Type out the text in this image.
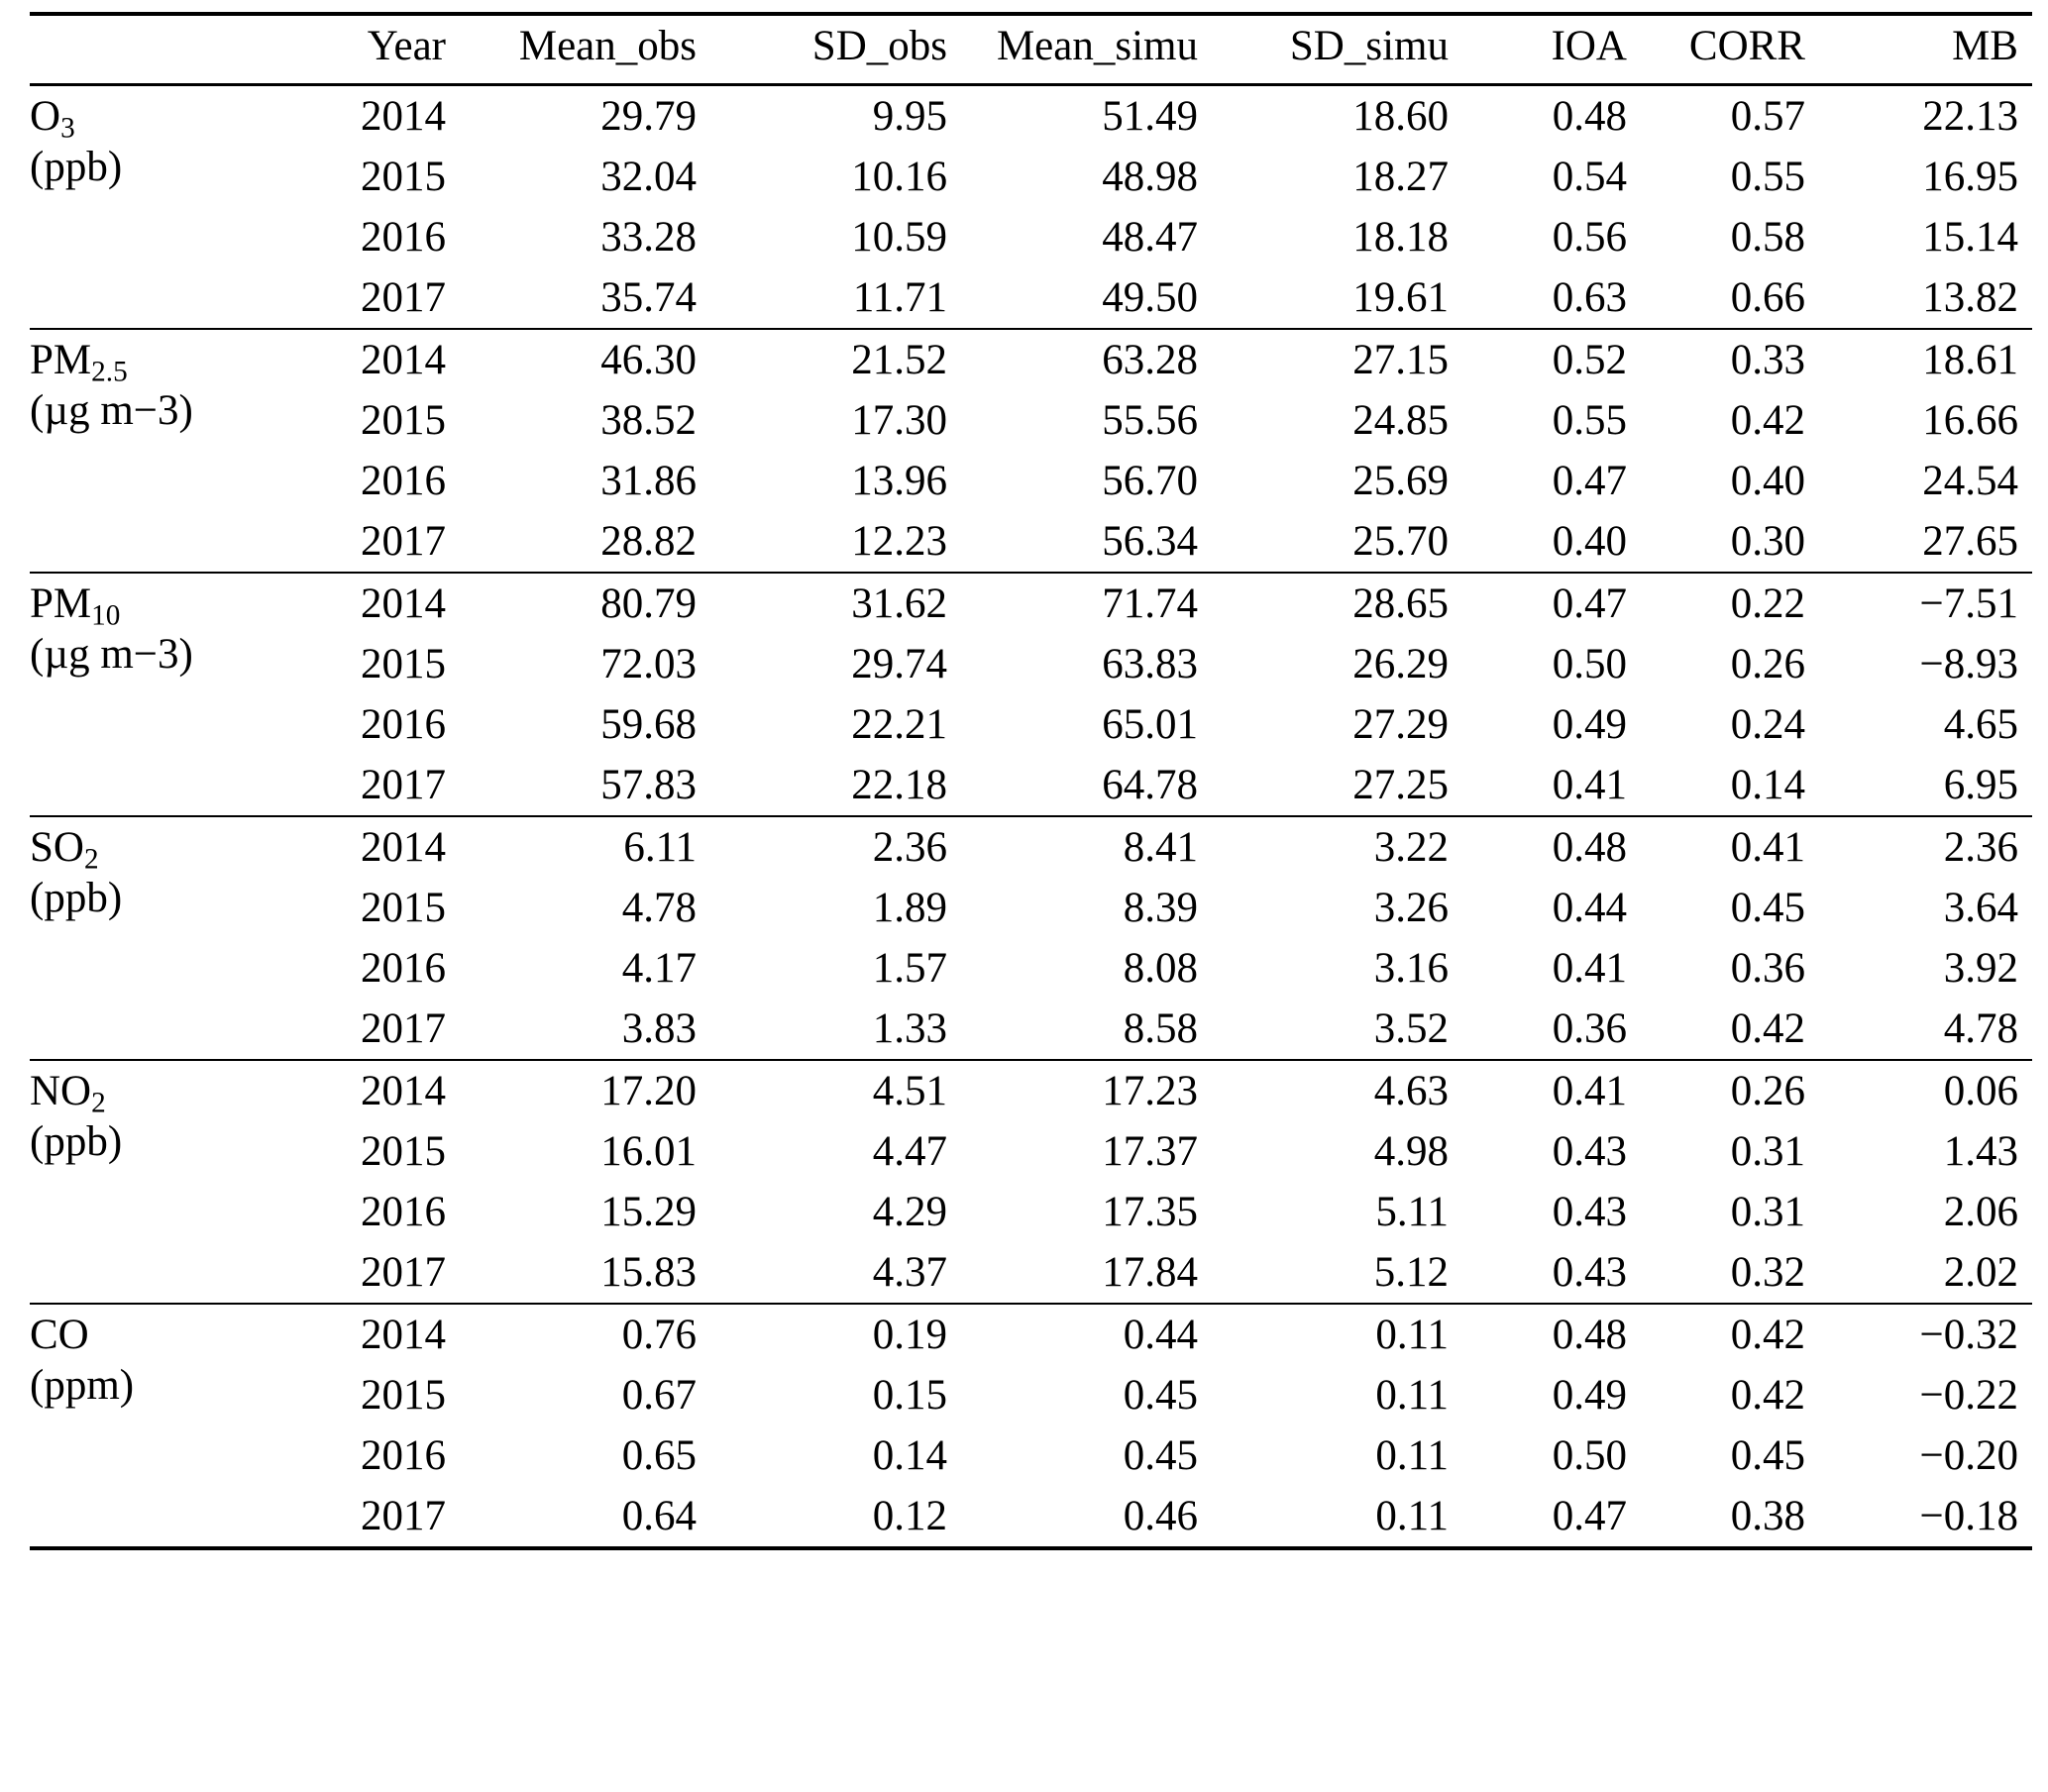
	Year	Mean_obs	SD_obs	Mean_simu	SD_simu	IOA	CORR	MB

$O_3$
(ppb)	2014	29.79	9.95	51.49	18.60	0.48	0.57	22.13
	2015	32.04	10.16	48.98	18.27	0.54	0.55	16.95
	2016	33.28	10.59	48.47	18.18	0.56	0.58	15.14
	2017	35.74	11.71	49.50	19.61	0.63	0.66	13.82

$PM_{2.5}$
(µg m−3)	2014	46.30	21.52	63.28	27.15	0.52	0.33	18.61
	2015	38.52	17.30	55.56	24.85	0.55	0.42	16.66
	2016	31.86	13.96	56.70	25.69	0.47	0.40	24.54
	2017	28.82	12.23	56.34	25.70	0.40	0.30	27.65

$PM_{10}$
(µg m−3)	2014	80.79	31.62	71.74	28.65	0.47	0.22	−7.51
	2015	72.03	29.74	63.83	26.29	0.50	0.26	−8.93
	2016	59.68	22.21	65.01	27.29	0.49	0.24	4.65
	2017	57.83	22.18	64.78	27.25	0.41	0.14	6.95

$SO_2$
(ppb)	2014	6.11	2.36	8.41	3.22	0.48	0.41	2.36
	2015	4.78	1.89	8.39	3.26	0.44	0.45	3.64
	2016	4.17	1.57	8.08	3.16	0.41	0.36	3.92
	2017	3.83	1.33	8.58	3.52	0.36	0.42	4.78

$NO_2$
(ppb)	2014	17.20	4.51	17.23	4.63	0.41	0.26	0.06
	2015	16.01	4.47	17.37	4.98	0.43	0.31	1.43
	2016	15.29	4.29	17.35	5.11	0.43	0.31	2.06
	2017	15.83	4.37	17.84	5.12	0.43	0.32	2.02

CO
(ppm)	2014	0.76	0.19	0.44	0.11	0.48	0.42	−0.32
	2015	0.67	0.15	0.45	0.11	0.49	0.42	−0.22
	2016	0.65	0.14	0.45	0.11	0.50	0.45	−0.20
	2017	0.64	0.12	0.46	0.11	0.47	0.38	−0.18
